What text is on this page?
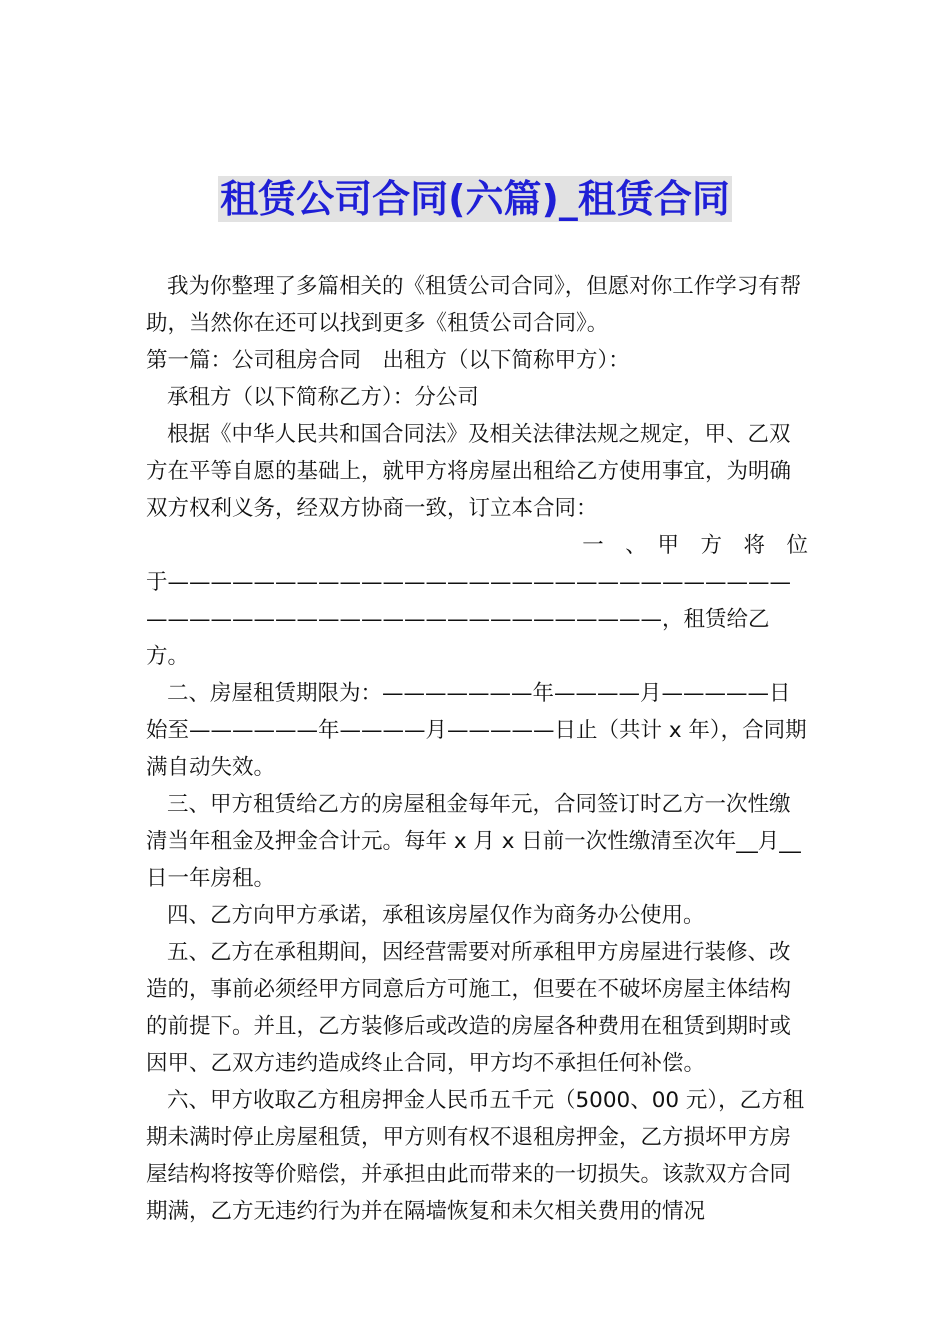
租赁公司合同(六篇)_租赁合同

我为你整理了多篇相关的《租赁公司合同》，但愿对你工作学习有帮助，当然你在还可以找到更多《租赁公司合同》。

第一篇：公司租房合同　出租方（以下简称甲方）：

承租方（以下简称乙方）：分公司

根据《中华人民共和国合同法》及相关法律法规之规定，甲、乙双方在平等自愿的基础上，就甲方将房屋出租给乙方使用事宜，为明确双方权利义务，经双方协商一致，订立本合同：

一　、　甲　方　将　位

于—————————————————————————————

————————————————————————，租赁给乙方。

二、房屋租赁期限为：———————年————月—————日始至——————年————月—————日止（共计 x 年），合同期满自动失效。

三、甲方租赁给乙方的房屋租金每年元，合同签订时乙方一次性缴清当年租金及押金合计元。每年 x 月 x 日前一次性缴清至次年__月__日一年房租。

四、乙方向甲方承诺，承租该房屋仅作为商务办公使用。

五、乙方在承租期间，因经营需要对所承租甲方房屋进行装修、改造的，事前必须经甲方同意后方可施工，但要在不破坏房屋主体结构的前提下。并且，乙方装修后或改造的房屋各种费用在租赁到期时或因甲、乙双方违约造成终止合同，甲方均不承担任何补偿。

六、甲方收取乙方租房押金人民币五千元（5000、00 元），乙方租期未满时停止房屋租赁，甲方则有权不退租房押金，乙方损坏甲方房屋结构将按等价赔偿，并承担由此而带来的一切损失。该款双方合同期满，乙方无违约行为并在隔墙恢复和未欠相关费用的情况
